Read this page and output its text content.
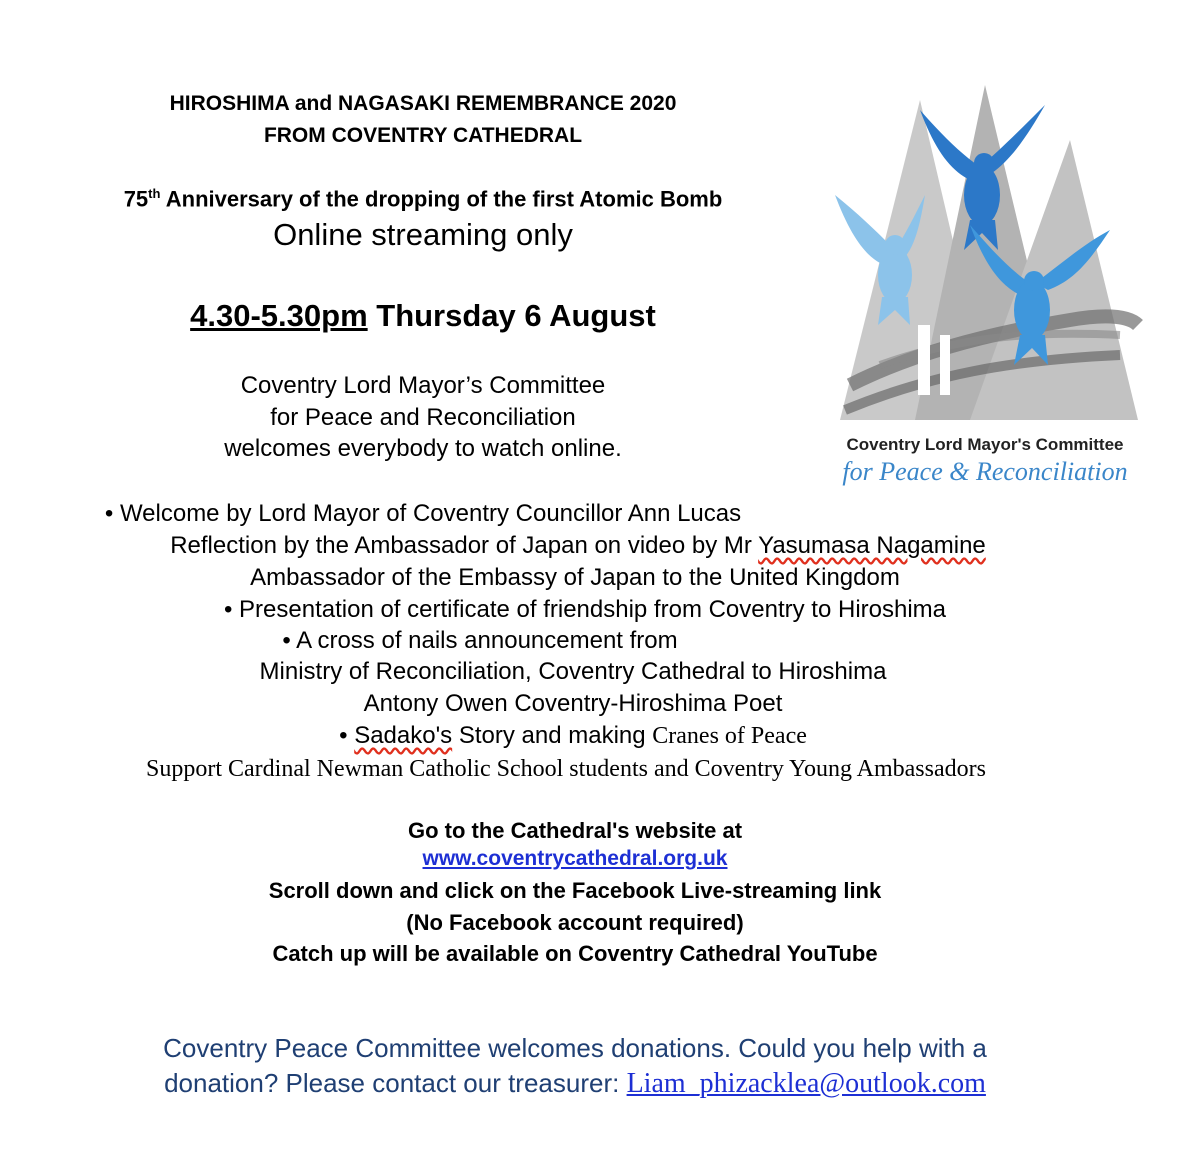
HIROSHIMA and NAGASAKI REMEMBRANCE 2020
FROM COVENTRY CATHEDRAL
75th Anniversary of the dropping of the first Atomic Bomb
Online streaming only
4.30-5.30pm Thursday 6 August
Coventry Lord Mayor’s Committee
for Peace and Reconciliation
welcomes everybody to watch online.	Coventry Lord Mayor's Committee
for Peace & Reconciliation
• Welcome by Lord Mayor of Coventry Councillor Ann Lucas
Reflection by the Ambassador of Japan on video by Mr Yasumasa Nagamine
Ambassador of the Embassy of Japan to the United Kingdom
• Presentation of certificate of friendship from Coventry to Hiroshima
• A cross of nails announcement from
Ministry of Reconciliation, Coventry Cathedral to Hiroshima
Antony Owen Coventry-Hiroshima Poet
• Sadako's Story and making Cranes of Peace
Support Cardinal Newman Catholic School students and Coventry Young Ambassadors
Go to the Cathedral's website at
www.coventrycathedral.org.uk
Scroll down and click on the Facebook Live-streaming link
(No Facebook account required)
Catch up will be available on Coventry Cathedral YouTube
Coventry Peace Committee welcomes donations. Could you help with a
donation? Please contact our treasurer: Liam_phizacklea@outlook.com
